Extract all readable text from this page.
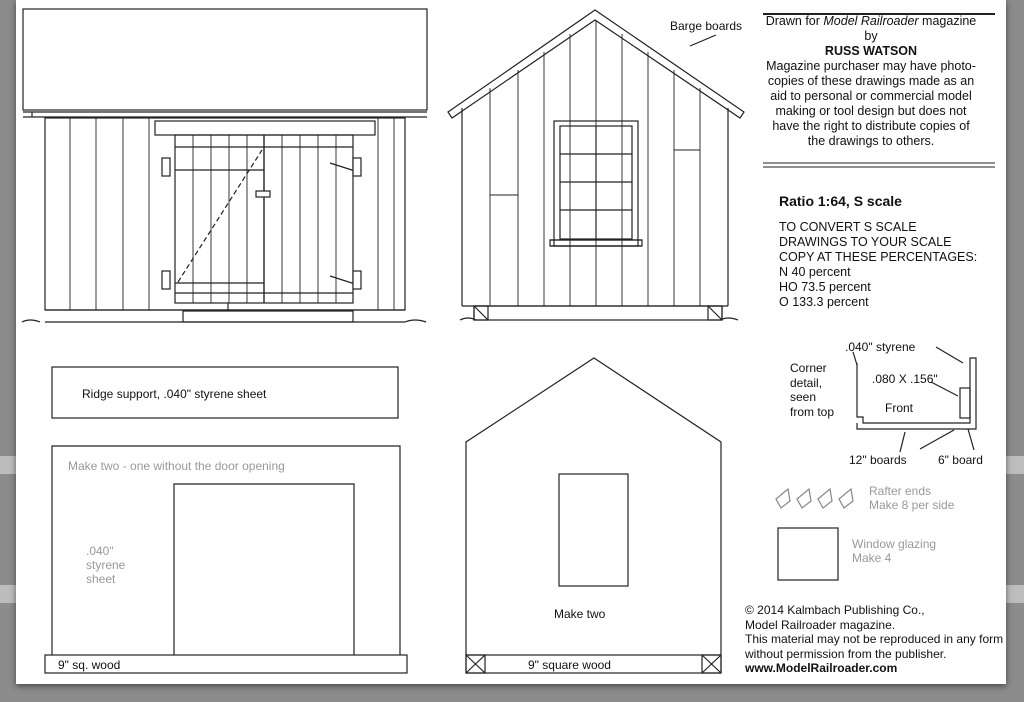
Barge boards	Drawn for Model Railroader magazine
by
RUSS WATSON
Magazine purchaser may have photo-
copies of these drawings made as an
aid to personal or commercial model
making or tool design but does not
have the right to distribute copies of
the drawings to others.
Ratio 1:64, S scale
TO CONVERT S SCALE
DRAWINGS TO YOUR SCALE
COPY AT THESE PERCENTAGES:
N 40 percent
HO 73.5 percent
O 133.3 percent
Ridge support, .040" styrene sheet
Make two - one without the door opening
.040"
styrene
sheet
9" sq. wood
Make two
9" square wood
Corner
detail,
seen
from top
.040" styrene
.080 X .156"
Front
12" boards	6" board
Rafter ends
Make 8 per side
Window glazing
Make 4
© 2014 Kalmbach Publishing Co.,
Model Railroader magazine.
This material may not be reproduced in any form
without permission from the publisher.
www.ModelRailroader.com
